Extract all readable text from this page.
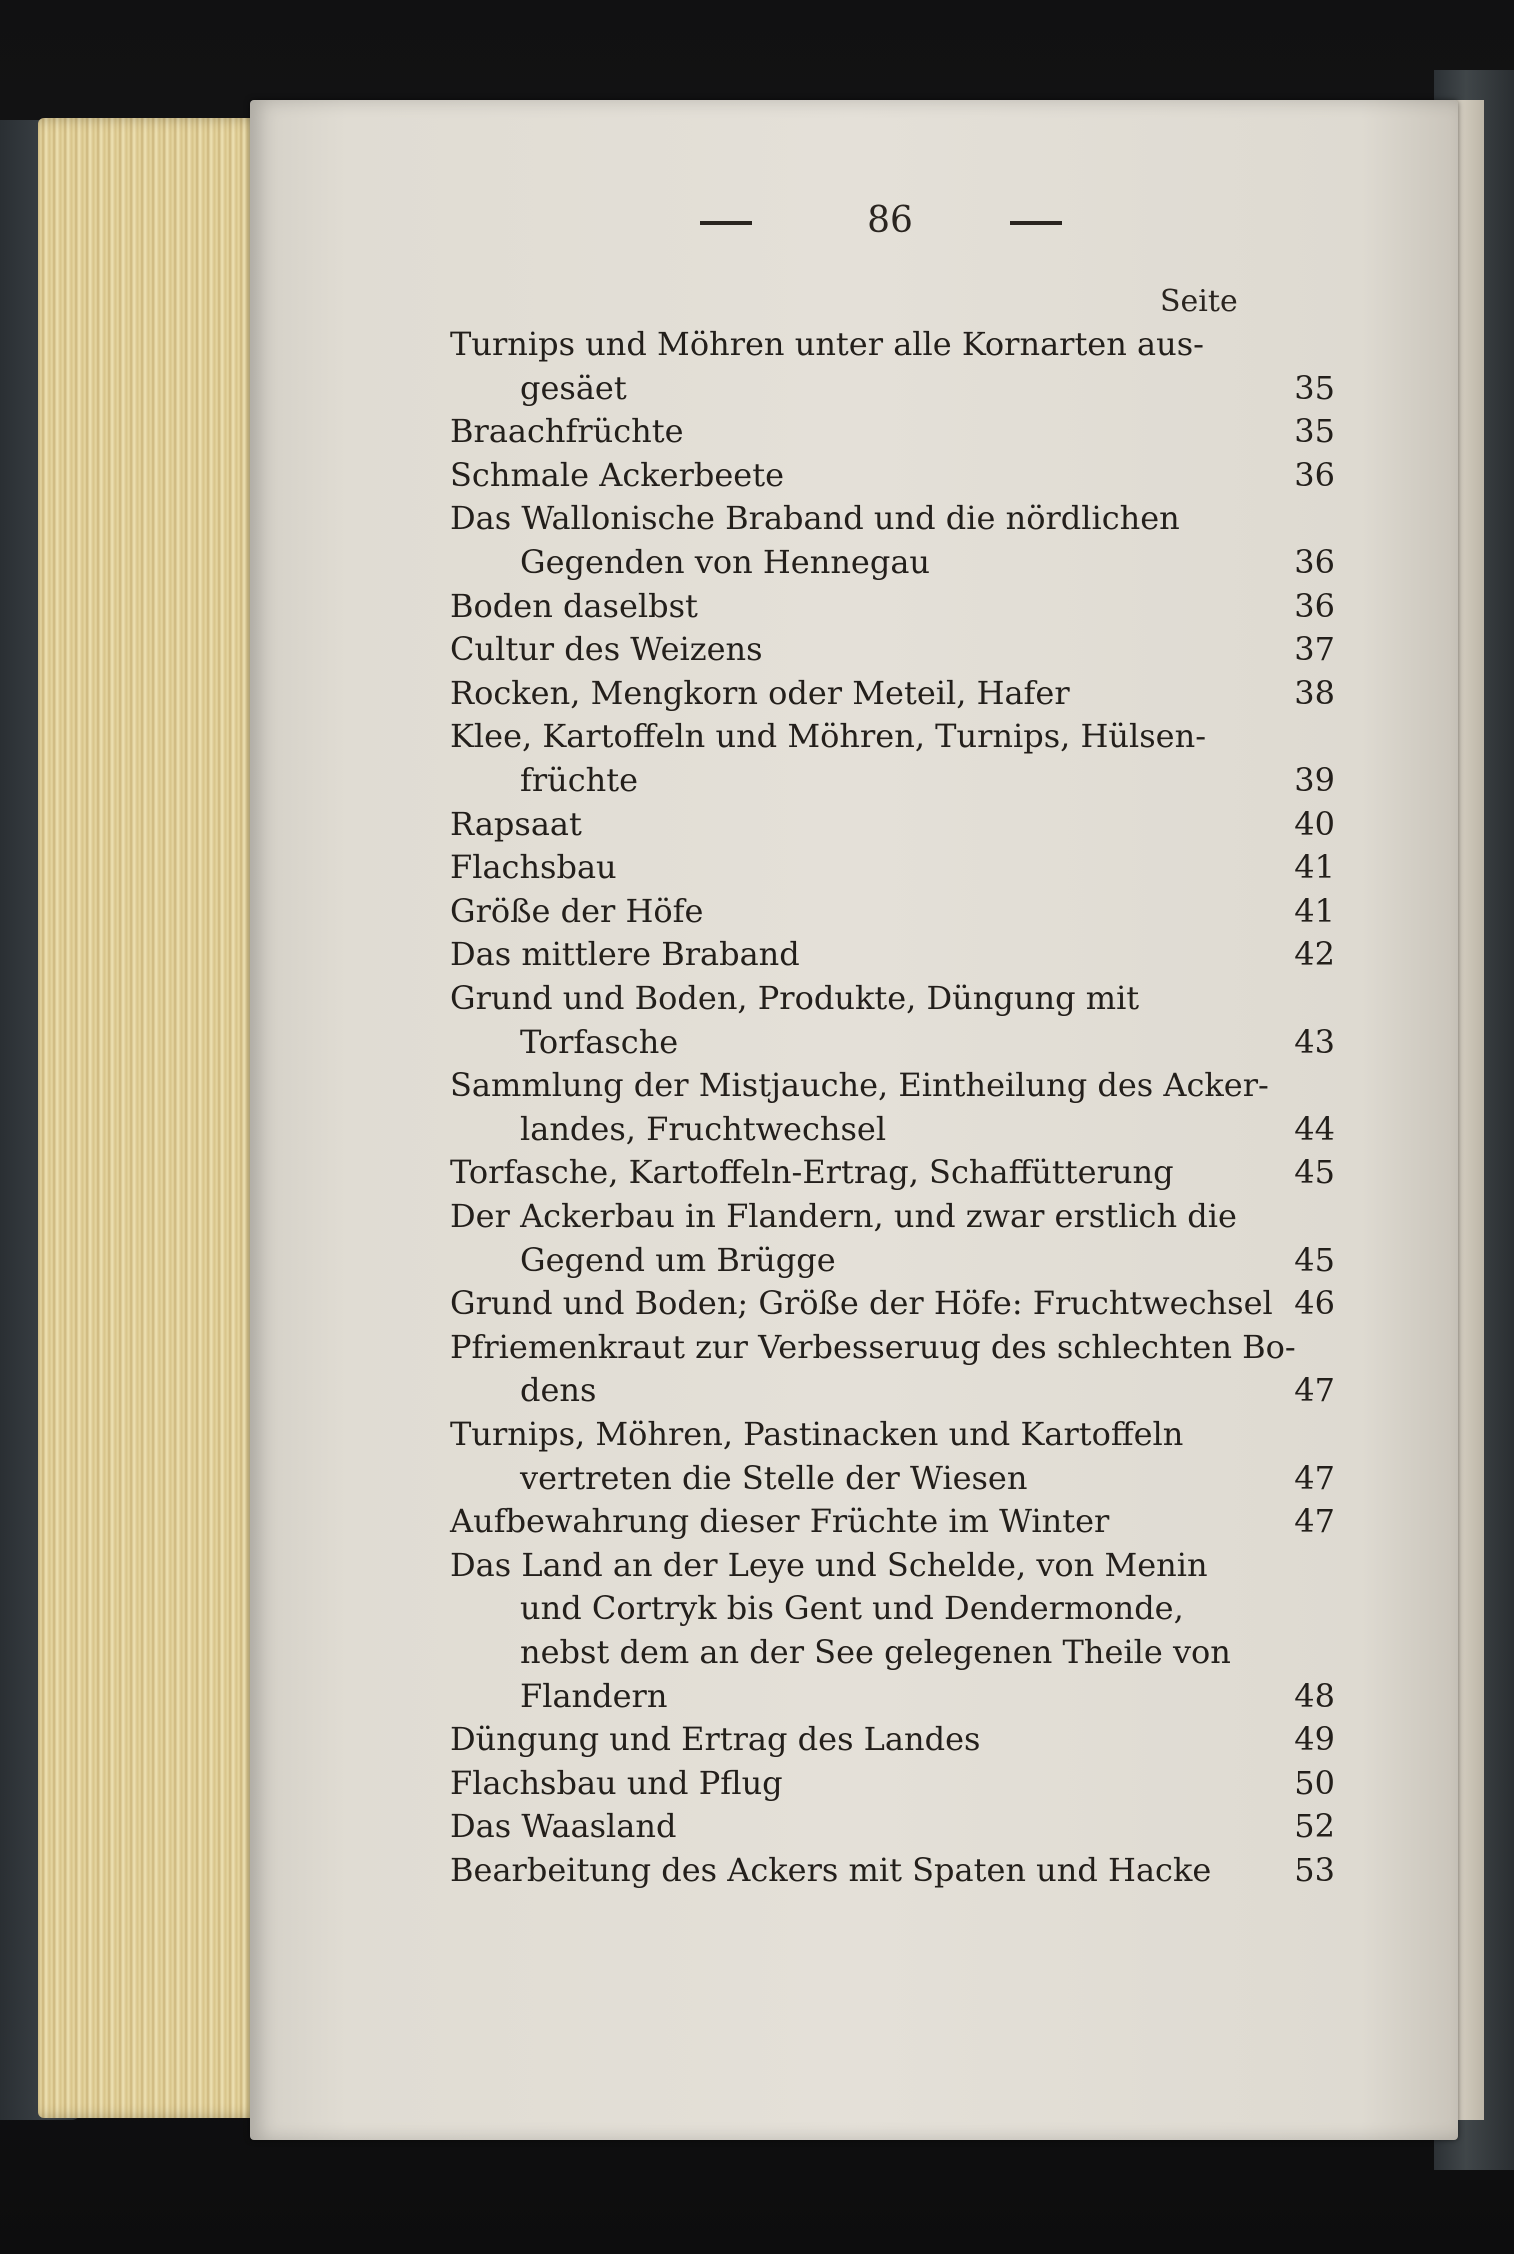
86
Seite
Turnips und Möhren unter alle Kornarten aus-
gesäet	35
Braachfrüchte	35
Schmale Ackerbeete	36
Das Wallonische Braband und die nördlichen
Gegenden von Hennegau	36
Boden daselbst	36
Cultur des Weizens	37
Rocken, Mengkorn oder Meteil, Hafer	38
Klee, Kartoffeln und Möhren, Turnips, Hülsen-
früchte	39
Rapsaat	40
Flachsbau	41
Größe der Höfe	41
Das mittlere Braband	42
Grund und Boden, Produkte, Düngung mit
Torfasche	43
Sammlung der Mistjauche, Eintheilung des Acker-
landes, Fruchtwechsel	44
Torfasche, Kartoffeln-Ertrag, Schaffütterung	45
Der Ackerbau in Flandern, und zwar erstlich die
Gegend um Brügge	45
Grund und Boden; Größe der Höfe: Fruchtwechsel 46
Pfriemenkraut zur Verbesseruug des schlechten Bo-
dens	47
Turnips, Möhren, Pastinacken und Kartoffeln
vertreten die Stelle der Wiesen	47
Aufbewahrung dieser Früchte im Winter	47
Das Land an der Leye und Schelde, von Menin
und Cortryk bis Gent und Dendermonde,
nebst dem an der See gelegenen Theile von
Flandern	48
Düngung und Ertrag des Landes	49
Flachsbau und Pflug	50
Das Waasland	52
Bearbeitung des Ackers mit Spaten und Hacke	53
